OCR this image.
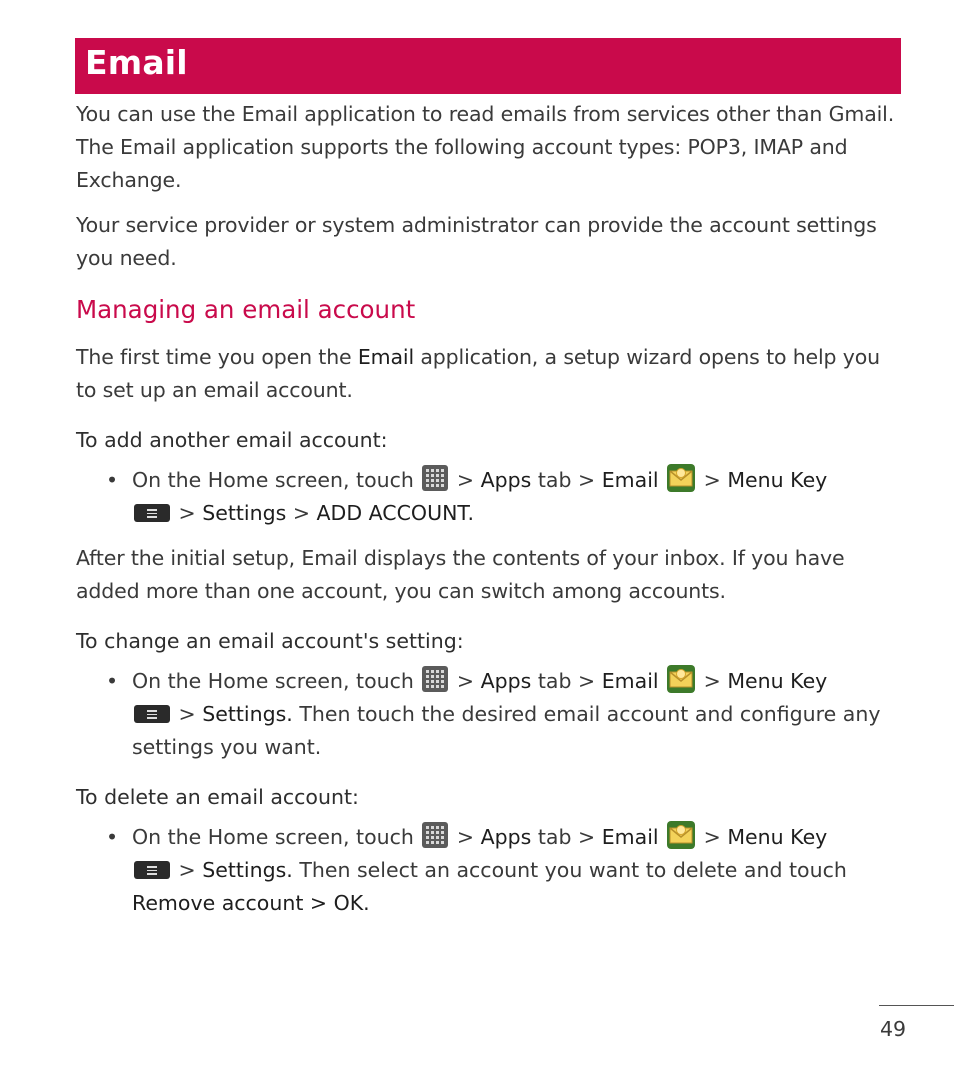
Email

You can use the Email application to read emails from services other than Gmail. The Email application supports the following account types: POP3, IMAP and Exchange.

Your service provider or system administrator can provide the account settings you need.

Managing an email account

The first time you open the Email application, a setup wizard opens to help you to set up an email account.

To add another email account:
• On the Home screen, touch
> Apps tab > Email  > Menu Key

> Settings > ADD ACCOUNT.

After the initial setup, Email displays the contents of your inbox. If you have added more than one account, you can switch among accounts.

To change an email account's setting:
• On the Home screen, touch
> Apps tab > Email  > Menu Key

> Settings. Then touch the desired email account and configure any settings you want.
To delete an email account:
• On the Home screen, touch
> Apps tab > Email  > Menu Key

> Settings. Then select an account you want to delete and touch
Remove account > OK.
49
